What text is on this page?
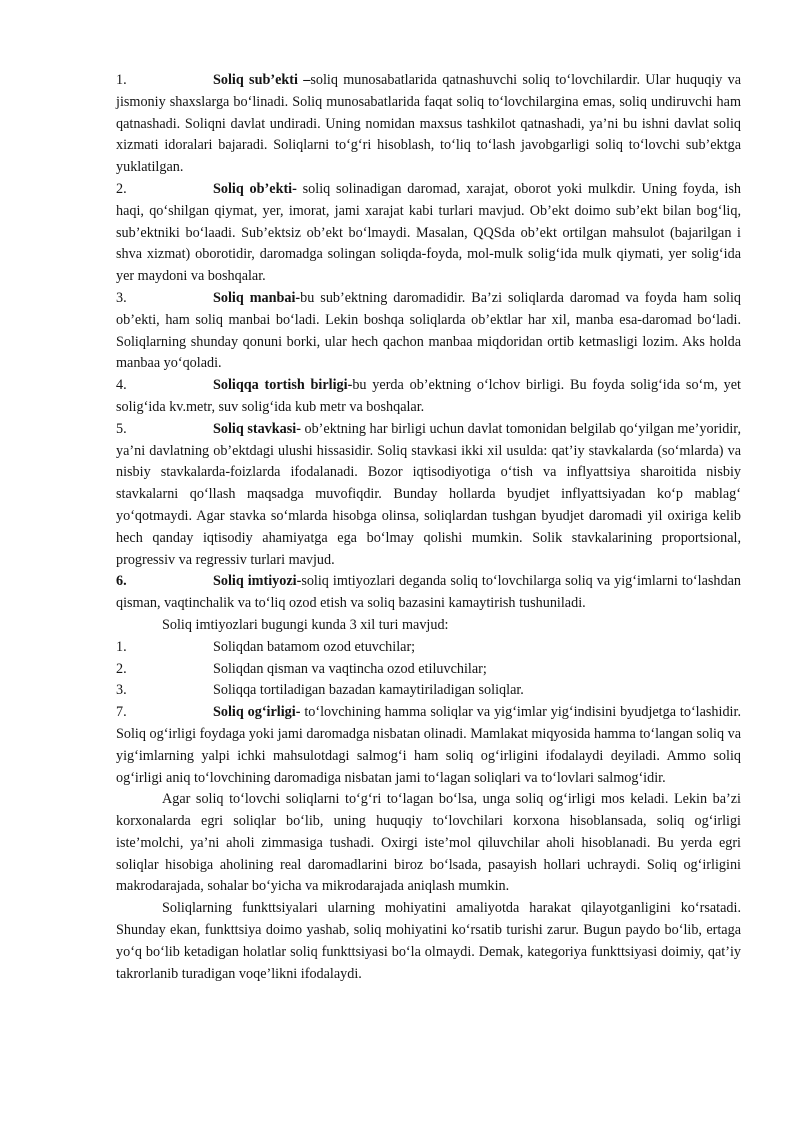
1.	Soliq sub’ekti –soliq munosabatlarida qatnashuvchi soliq to‘lovchilardir. Ular huquqiy va jismoniy shaxslarga bo‘linadi. Soliq munosabatlarida faqat soliq to‘lovchilargina emas, soliq undiruvchi ham qatnashadi. Soliqni davlat undiradi. Uning nomidan maxsus tashkilot qatnashadi, ya’ni bu ishni davlat soliq xizmati idoralari bajaradi. Soliqlarni to‘g‘ri hisoblash, to‘liq to‘lash javobgarligi soliq to‘lovchi sub’ektga yuklatilgan.

2.	Soliq ob’ekti- soliq solinadigan daromad, xarajat, oborot yoki mulkdir. Uning foyda, ish haqi, qo‘shilgan qiymat, yer, imorat, jami xarajat kabi turlari mavjud. Ob’ekt doimo sub’ekt bilan bog‘liq, sub’ektniki bo‘laadi. Sub’ektsiz ob’ekt bo‘lmaydi. Masalan, QQSda ob’ekt ortilgan mahsulot (bajarilgan i shva xizmat) oborotidir, daromadga solingan soliqda-foyda, mol-mulk solig‘ida mulk qiymati, yer solig‘ida yer maydoni va boshqalar.

3.	Soliq manbai-bu sub’ektning daromadidir. Ba’zi soliqlarda daromad va foyda ham soliq ob’ekti, ham soliq manbai bo‘ladi. Lekin boshqa soliqlarda ob’ektlar har xil, manba esa-daromad bo‘ladi. Soliqlarning shunday qonuni borki, ular hech qachon manbaa miqdoridan ortib ketmasligi lozim. Aks holda manbaa yo‘qoladi.

4.	Soliqqa tortish birligi-bu yerda ob’ektning o‘lchov birligi. Bu foyda solig‘ida so‘m, yet solig‘ida kv.metr, suv solig‘ida kub metr va boshqalar.

5.	Soliq stavkasi- ob’ektning har birligi uchun davlat tomonidan belgilab qo‘yilgan me’yoridir, ya’ni davlatning ob’ektdagi ulushi hissasidir. Soliq stavkasi ikki xil usulda: qat’iy stavkalarda (so‘mlarda) va nisbiy stavkalarda-foizlarda ifodalanadi. Bozor iqtisodiyotiga o‘tish va inflyattsiya sharoitida nisbiy stavkalarni qo‘llash maqsadga muvofiqdir. Bunday hollarda byudjet inflyattsiyadan ko‘p mablag‘ yo‘qotmaydi. Agar stavka so‘mlarda hisobga olinsa, soliqlardan tushgan byudjet daromadi yil oxiriga kelib hech qanday iqtisodiy ahamiyatga ega bo‘lmay qolishi mumkin. Solik stavkalarining proportsional, progressiv va regressiv turlari mavjud.

6.	Soliq imtiyozi-soliq imtiyozlari deganda soliq to‘lovchilarga soliq va yig‘imlarni to‘lashdan qisman, vaqtinchalik va to‘liq ozod etish va soliq bazasini kamaytirish tushuniladi.

Soliq imtiyozlari bugungi kunda 3 xil turi mavjud:

1.	Soliqdan batamom ozod etuvchilar;

2.	Soliqdan qisman va vaqtincha ozod etiluvchilar;

3.	Soliqqa tortiladigan bazadan kamaytiriladigan soliqlar.

7.	Soliq og‘irligi- to‘lovchining hamma soliqlar va yig‘imlar yig‘indisini byudjetga to‘lashidir. Soliq og‘irligi foydaga yoki jami daromadga nisbatan olinadi. Mamlakat miqyosida hamma to‘langan soliq va yig‘imlarning yalpi ichki mahsulotdagi salmog‘i ham soliq og‘irligini ifodalaydi deyiladi. Ammo soliq og‘irligi aniq to‘lovchining daromadiga nisbatan jami to‘lagan soliqlari va to‘lovlari salmog‘idir.

Agar soliq to‘lovchi soliqlarni to‘g‘ri to‘lagan bo‘lsa, unga soliq og‘irligi mos keladi. Lekin ba’zi korxonalarda egri soliqlar bo‘lib, uning huquqiy to‘lovchilari korxona hisoblansada, soliq og‘irligi iste’molchi, ya’ni aholi zimmasiga tushadi. Oxirgi iste’mol qiluvchilar aholi hisoblanadi. Bu yerda egri soliqlar hisobiga aholining real daromadlarini biroz bo‘lsada, pasayish hollari uchraydi. Soliq og‘irligini makrodarajada, sohalar bo‘yicha va mikrodarajada aniqlash mumkin.

Soliqlarning funkttsiyalari ularning mohiyatini amaliyotda harakat qilayotganligini ko‘rsatadi. Shunday ekan, funkttsiya doimo yashab, soliq mohiyatini ko‘rsatib turishi zarur. Bugun paydo bo‘lib, ertaga yo‘q bo‘lib ketadigan holatlar soliq funkttsiyasi bo‘la olmaydi. Demak, kategoriya funkttsiyasi doimiy, qat’iy takrorlanib turadigan voqe’likni ifodalaydi.
